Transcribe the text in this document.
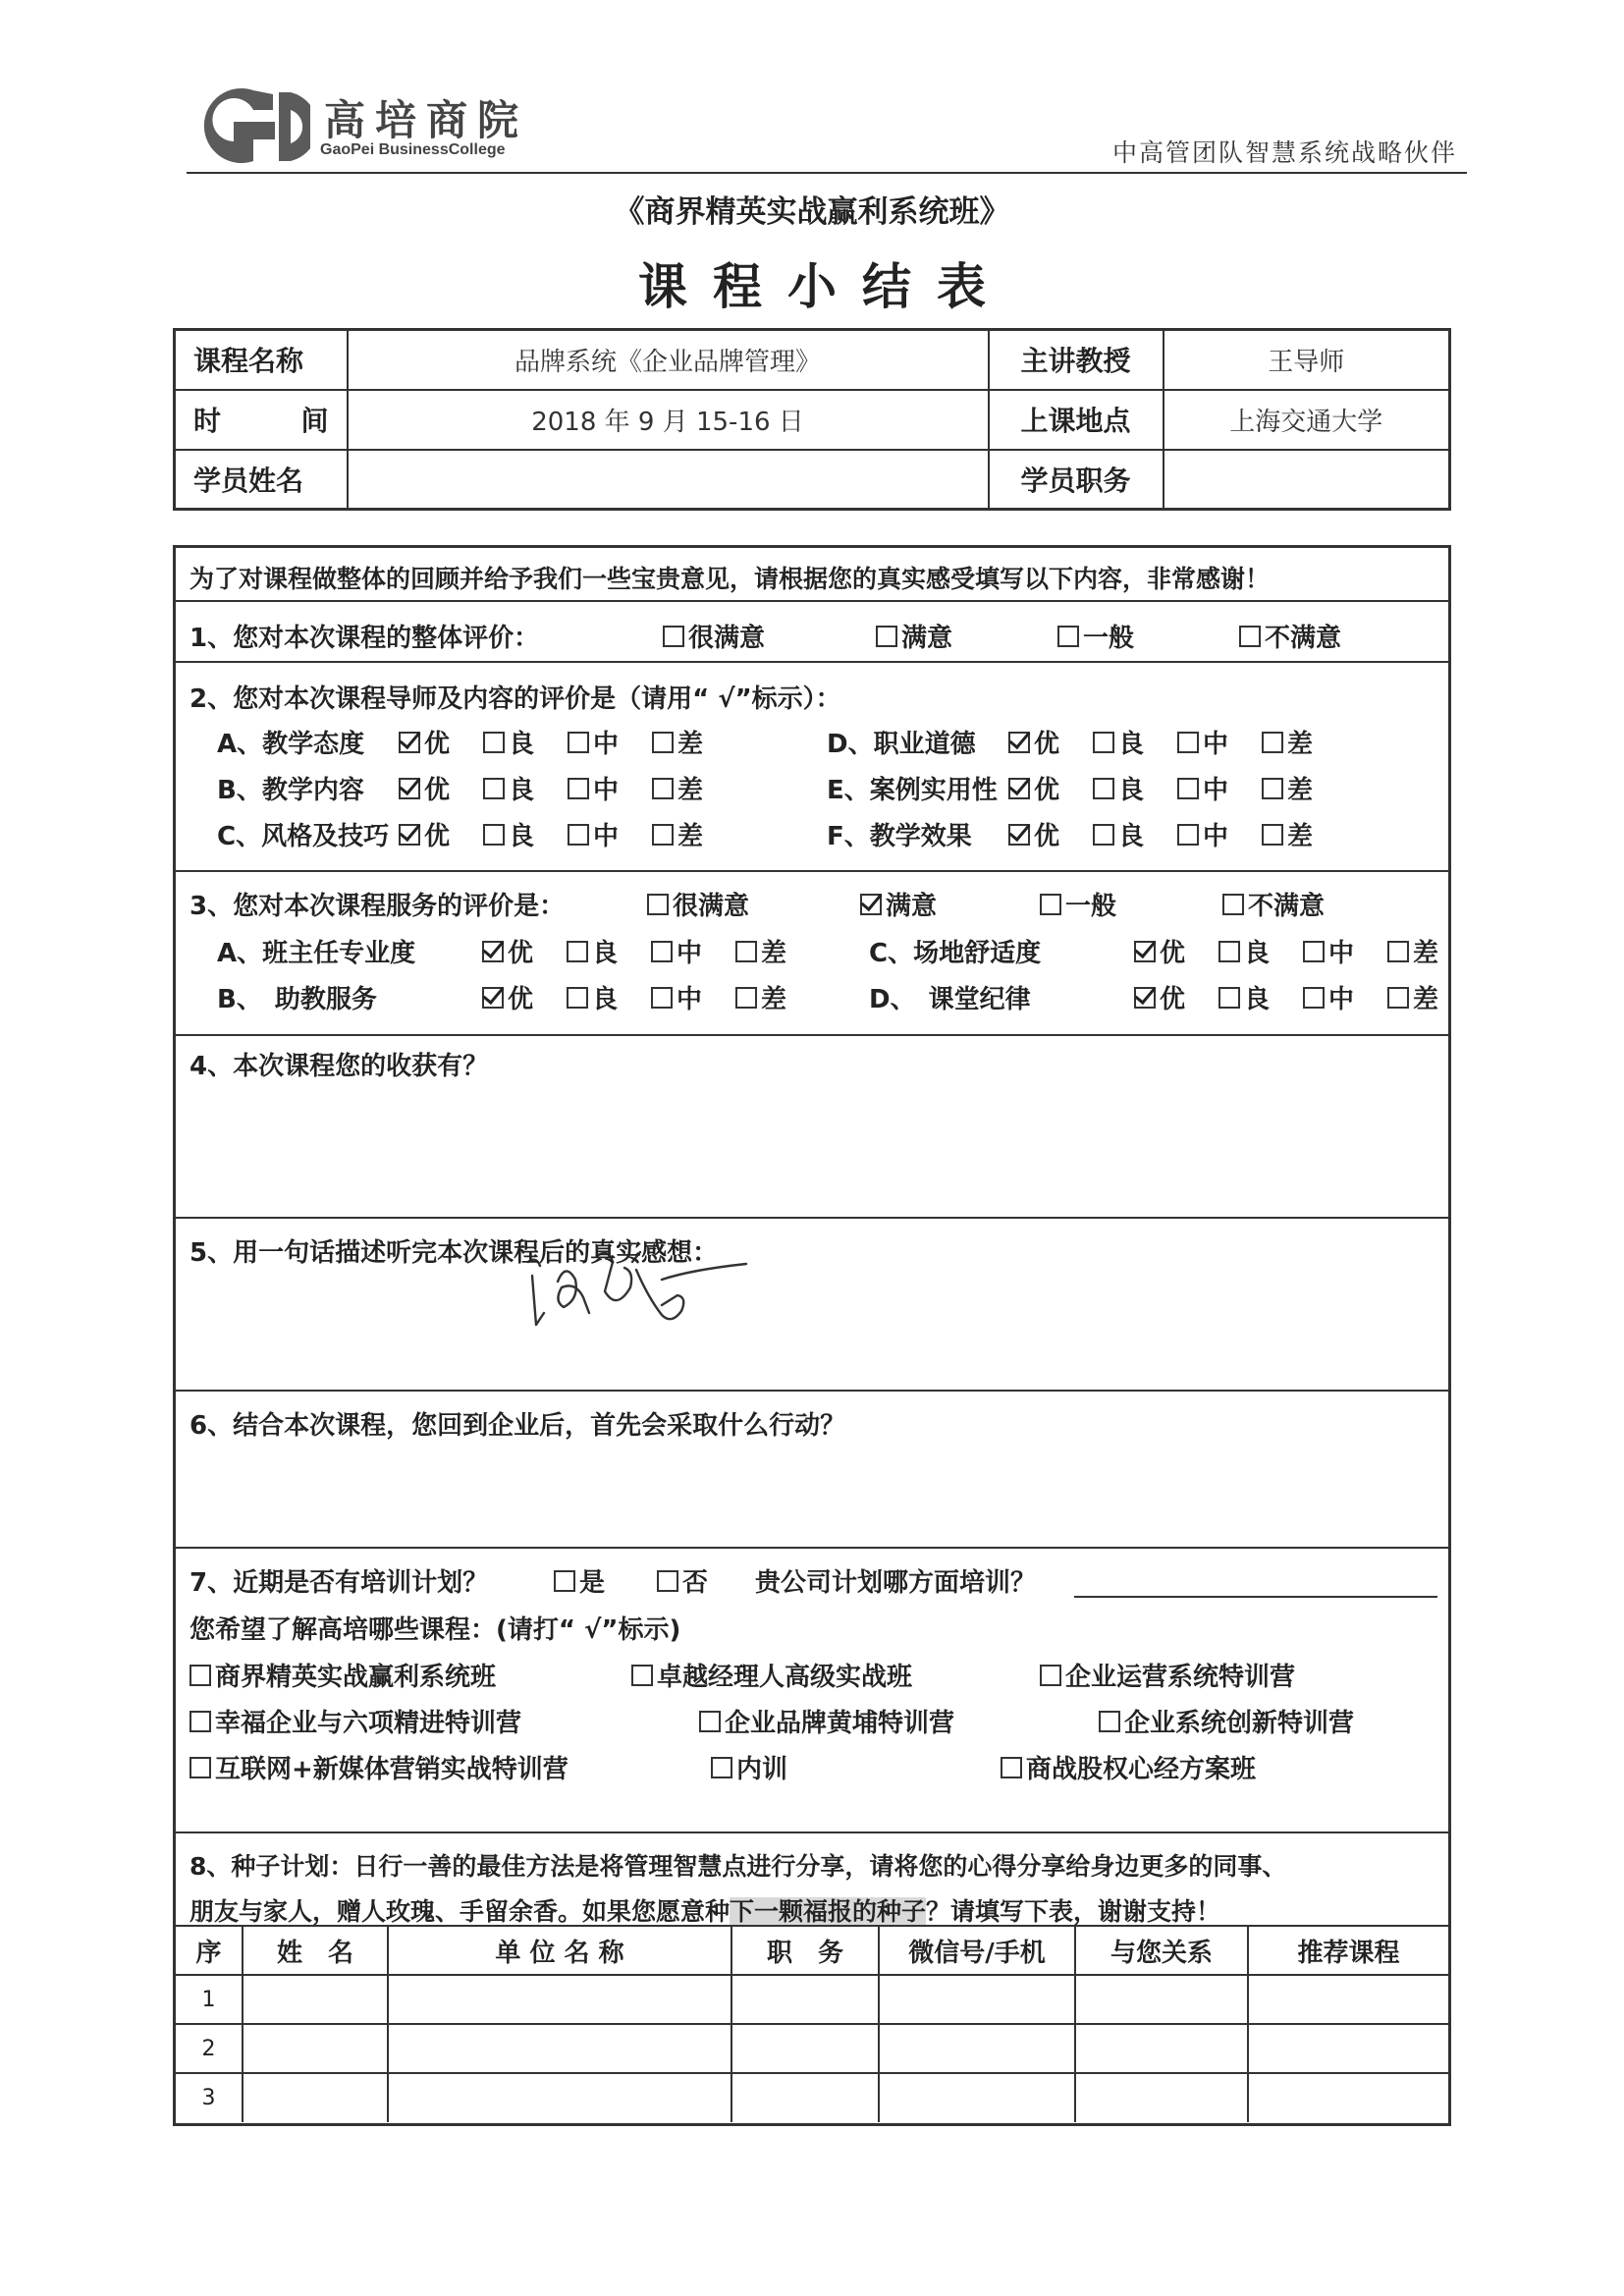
高培商院
GaoPei BusinessCollege	中高管团队智慧系统战略伙伴
《商界精英实战赢利系统班》
课程小结表
课程名称	品牌系统《企业品牌管理》	主讲教授	王导师

时 间	2018 年 9 月 15-16 日	上课地点	上海交通大学
学员姓名		学员职务	
为了对课程做整体的回顾并给予我们一些宝贵意见，请根据您的真实感受填写以下内容，非常感谢！
1、您对本次课程的整体评价：	很满意	满意	一般	不满意
2、您对本次课程导师及内容的评价是（请用“ √”标示）：
A、教学态度 优 良 中 差
B、教学内容 优 良 中 差
C、风格及技巧 优 良 中 差
D、职业道德 优 良 中 差
E、案例实用性 优 良 中 差
F、教学效果 优 良 中 差
3、您对本次课程服务的评价是：	很满意	满意	一般	不满意
A、班主任专业度	优 良 中 差
B、　助教服务	优 良 中 差
C、场地舒适度	优 良 中 差
D、　课堂纪律	优 良 中 差
4、本次课程您的收获有？
5、用一句话描述听完本次课程后的真实感想：
6、结合本次课程，您回到企业后，首先会采取什么行动？
7、近期是否有培训计划？	是	否 贵公司计划哪方面培训？
您希望了解高培哪些课程：(请打“ √”标示)
商界精英实战赢利系统班	卓越经理人高级实战班	企业运营系统特训营
幸福企业与六项精进特训营	企业品牌黄埔特训营	企业系统创新特训营
互联网+新媒体营销实战特训营	内训	商战股权心经方案班
8、种子计划：日行一善的最佳方法是将管理智慧点进行分享，请将您的心得分享给身边更多的同事、
朋友与家人，赠人玫瑰、手留余香。如果您愿意种下一颗福报的种子？请填写下表，谢谢支持！
序	姓　名	单 位 名 称	职　务	微信号/手机	与您关系	推荐课程
1						
2						
3						
